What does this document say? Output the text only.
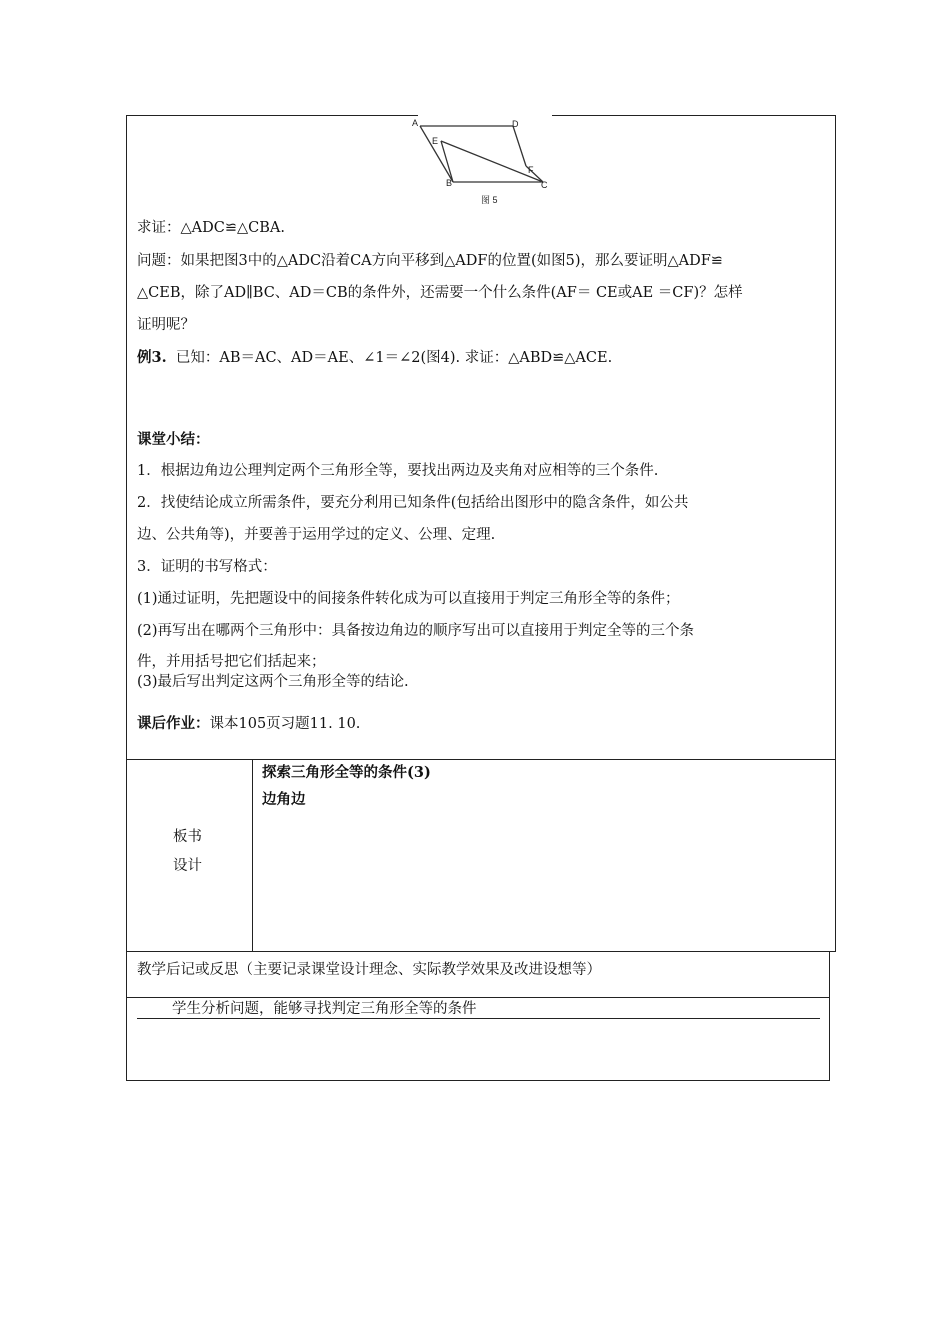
A	D
E
F
B	C
图 5
求证：△ADC≌△CBA.
问题：如果把图3中的△ADC沿着CA方向平移到△ADF的位置(如图5)，那么要证明△ADF≌
△CEB，除了AD∥BC、AD＝CB的条件外，还需要一个什么条件(AF＝ CE或AE ＝CF)？怎样
证明呢？
例3. 已知：AB＝AC、AD＝AE、∠1＝∠2(图4). 求证：△ABD≌△ACE.
课堂小结：
1．根据边角边公理判定两个三角形全等，要找出两边及夹角对应相等的三个条件.
2．找使结论成立所需条件，要充分利用已知条件(包括给出图形中的隐含条件，如公共
边、公共角等)，并要善于运用学过的定义、公理、定理.
3．证明的书写格式：
(1)通过证明，先把题设中的间接条件转化成为可以直接用于判定三角形全等的条件；
(2)再写出在哪两个三角形中：具备按边角边的顺序写出可以直接用于判定全等的三个条
件，并用括号把它们括起来；
(3)最后写出判定这两个三角形全等的结论.
课后作业：课本105页习题11. 10.
板书
设计
探索三角形全等的条件(3)
边角边
教学后记或反思（主要记录课堂设计理念、实际教学效果及改进设想等）
学生分析问题，能够寻找判定三角形全等的条件
